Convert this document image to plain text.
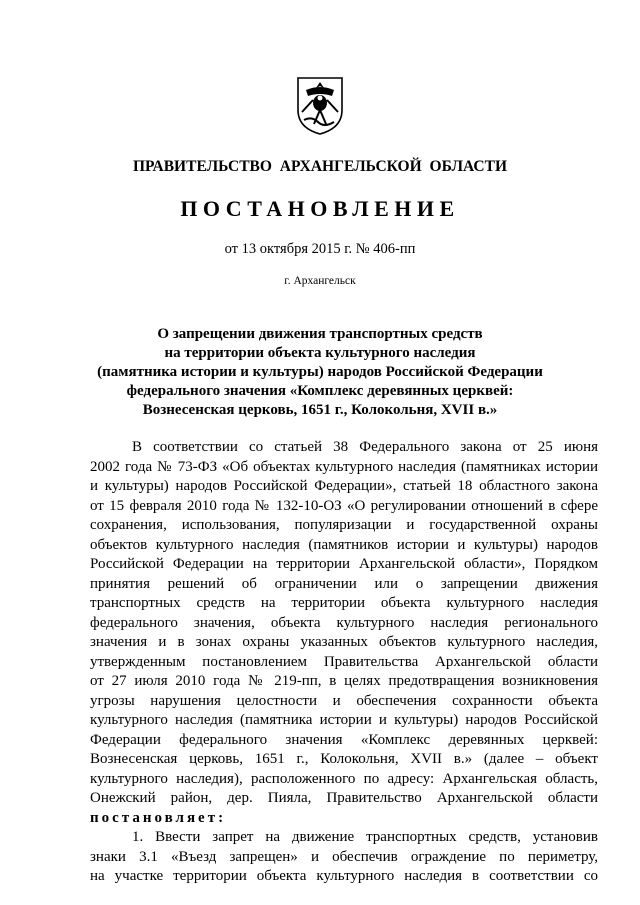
ПРАВИТЕЛЬСТВО АРХАНГЕЛЬСКОЙ ОБЛАСТИ
ПОСТАНОВЛЕНИЕ
от 13 октября 2015 г. № 406-пп
г. Архангельск
О запрещении движения транспортных средств
на территории объекта культурного наследия
(памятника истории и культуры) народов Российской Федерации
федерального значения «Комплекс деревянных церквей:
Вознесенская церковь, 1651 г., Колокольня, XVII в.»
В соответствии со статьей 38 Федерального закона от 25 июня
2002 года № 73-ФЗ «Об объектах культурного наследия (памятниках истории
и культуры) народов Российской Федерации», статьей 18 областного закона
от 15 февраля 2010 года № 132-10-ОЗ «О регулировании отношений в сфере
сохранения, использования, популяризации и государственной охраны
объектов культурного наследия (памятников истории и культуры) народов
Российской Федерации на территории Архангельской области», Порядком
принятия решений об ограничении или о запрещении движения
транспортных средств на территории объекта культурного наследия
федерального значения, объекта культурного наследия регионального
значения и в зонах охраны указанных объектов культурного наследия,
утвержденным постановлением Правительства Архангельской области
от 27 июля 2010 года № 219-пп, в целях предотвращения возникновения
угрозы нарушения целостности и обеспечения сохранности объекта
культурного наследия (памятника истории и культуры) народов Российской
Федерации федерального значения «Комплекс деревянных церквей:
Вознесенская церковь, 1651 г., Колокольня, XVII в.» (далее – объект
культурного наследия), расположенного по адресу: Архангельская область,
Онежский район, дер. Пияла, Правительство Архангельской области
постановляет:
1. Ввести запрет на движение транспортных средств, установив
знаки 3.1 «Въезд запрещен» и обеспечив ограждение по периметру,
на участке территории объекта культурного наследия в соответствии со
